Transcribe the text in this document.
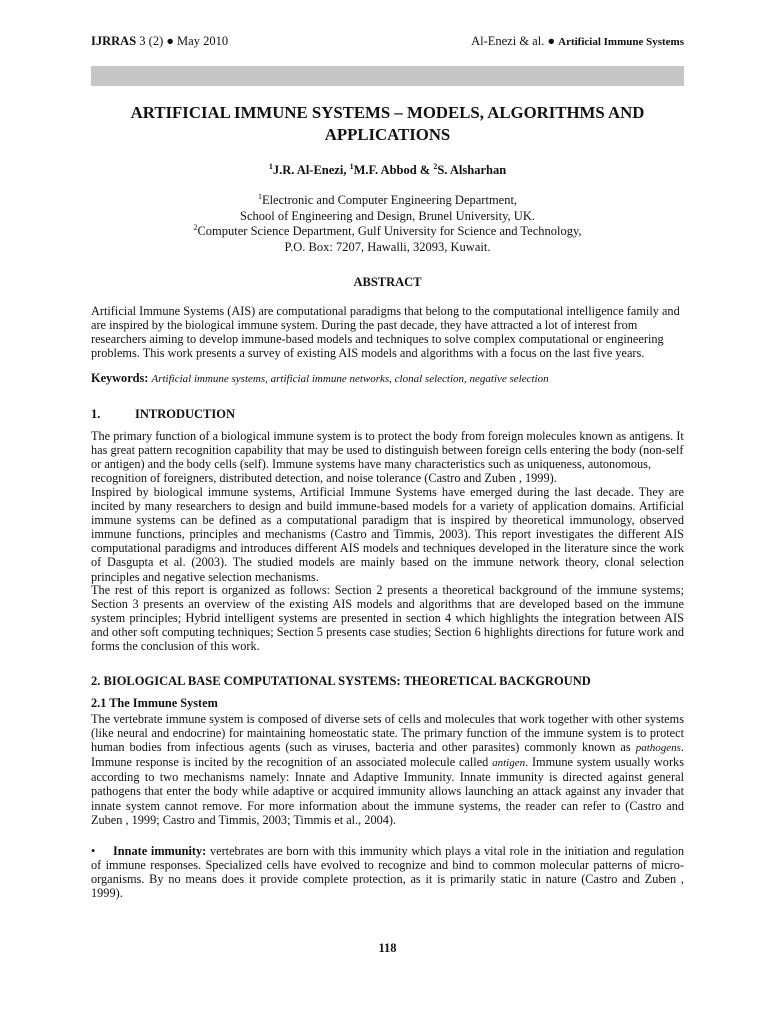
IJRRAS 3 (2) ● May 2010	Al-Enezi & al. ● Artificial Immune Systems
ARTIFICIAL IMMUNE SYSTEMS – MODELS, ALGORITHMS AND APPLICATIONS

$^1$J.R. Al-Enezi, $^1$M.F. Abbod & $^2$S. Alsharhan

$^1$Electronic and Computer Engineering Department,
School of Engineering and Design, Brunel University, UK.
$^2$Computer Science Department, Gulf University for Science and Technology,
P.O. Box: 7207, Hawalli, 32093, Kuwait.
ABSTRACT

Artificial Immune Systems (AIS) are computational paradigms that belong to the computational intelligence family and are inspired by the biological immune system. During the past decade, they have attracted a lot of interest from researchers aiming to develop immune-based models and techniques to solve complex computational or engineering problems. This work presents a survey of existing AIS models and algorithms with a focus on the last five years.

Keywords: Artificial immune systems, artificial immune networks, clonal selection, negative selection

1.	INTRODUCTION

The primary function of a biological immune system is to protect the body from foreign molecules known as antigens. It has great pattern recognition capability that may be used to distinguish between foreign cells entering the body (non-self or antigen) and the body cells (self). Immune systems have many characteristics such as uniqueness, autonomous, recognition of foreigners, distributed detection, and noise tolerance (Castro and Zuben , 1999).

Inspired by biological immune systems, Artificial Immune Systems have emerged during the last decade. They are incited by many researchers to design and build immune-based models for a variety of application domains. Artificial immune systems can be defined as a computational paradigm that is inspired by theoretical immunology, observed immune functions, principles and mechanisms (Castro and Timmis, 2003). This report investigates the different AIS computational paradigms and introduces different AIS models and techniques developed in the literature since the work of Dasgupta et al. (2003). The studied models are mainly based on the immune network theory, clonal selection principles and negative selection mechanisms.

The rest of this report is organized as follows: Section 2 presents a theoretical background of the immune systems; Section 3 presents an overview of the existing AIS models and algorithms that are developed based on the immune system principles; Hybrid intelligent systems are presented in section 4 which highlights the integration between AIS and other soft computing techniques; Section 5 presents case studies; Section 6 highlights directions for future work and forms the conclusion of this work.

2. BIOLOGICAL BASE COMPUTATIONAL SYSTEMS: THEORETICAL BACKGROUND
2.1 The Immune System

The vertebrate immune system is composed of diverse sets of cells and molecules that work together with other systems (like neural and endocrine) for maintaining homeostatic state. The primary function of the immune system is to protect human bodies from infectious agents (such as viruses, bacteria and other parasites) commonly known as pathogens. Immune response is incited by the recognition of an associated molecule called antigen. Immune system usually works according to two mechanisms namely: Innate and Adaptive Immunity. Innate immunity is directed against general pathogens that enter the body while adaptive or acquired immunity allows launching an attack against any invader that innate system cannot remove. For more information about the immune systems, the reader can refer to (Castro and Zuben , 1999; Castro and Timmis, 2003; Timmis et al., 2004).

• Innate immunity: vertebrates are born with this immunity which plays a vital role in the initiation and regulation of immune responses. Specialized cells have evolved to recognize and bind to common molecular patterns of micro-organisms. By no means does it provide complete protection, as it is primarily static in nature (Castro and Zuben , 1999).

118
